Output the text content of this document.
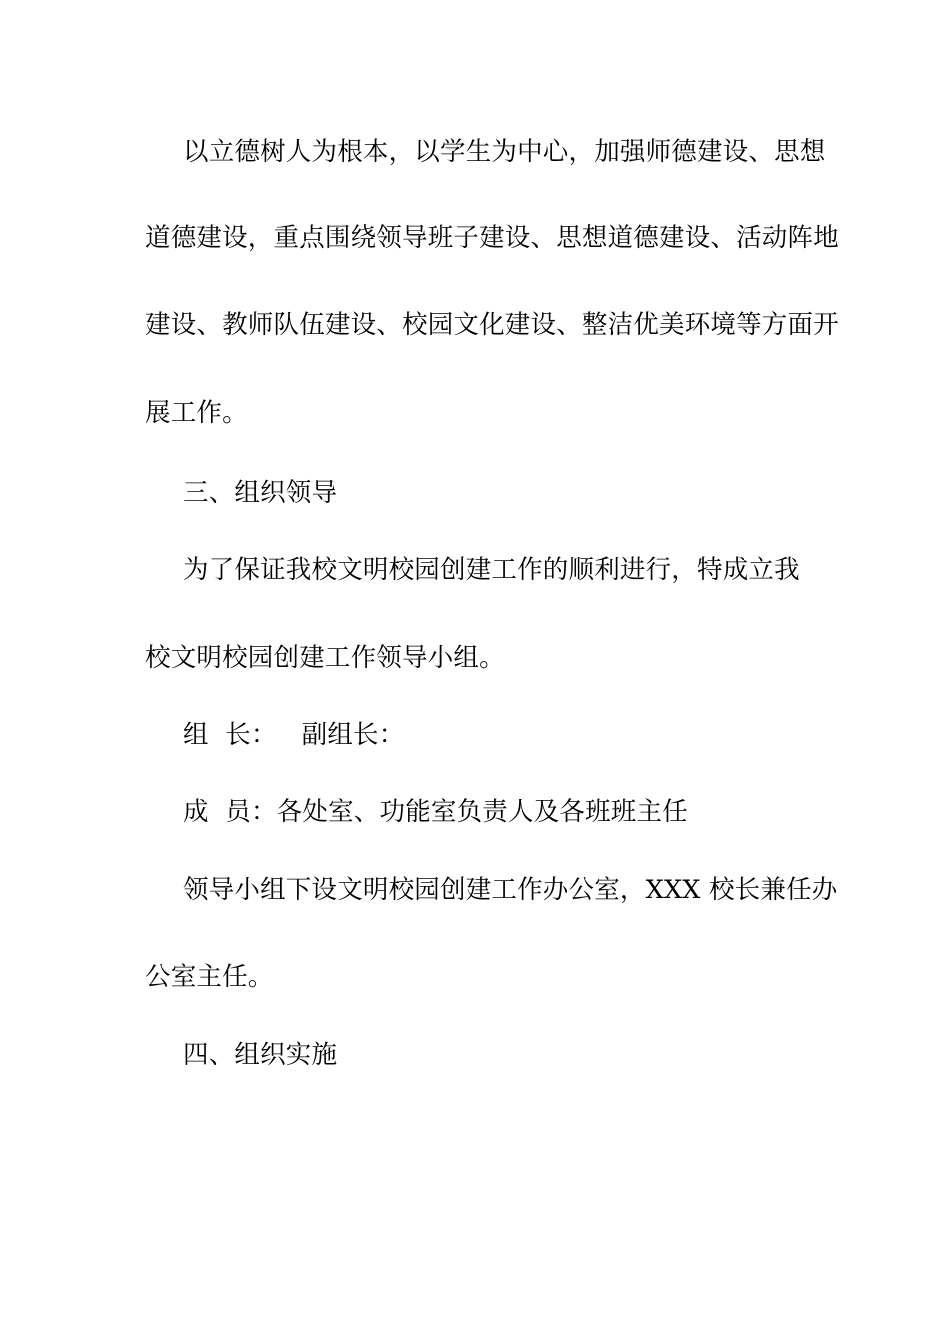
以立德树人为根本，以学生为中心，加强师德建设、思想
道德建设，重点围绕领导班子建设、思想道德建设、活动阵地
建设、教师队伍建设、校园文化建设、整洁优美环境等方面开
展工作。
三、组织领导
为了保证我校文明校园创建工作的顺利进行，特成立我
校文明校园创建工作领导小组。
组  长：   副组长：
成  员：各处室、功能室负责人及各班班主任
领导小组下设文明校园创建工作办公室，XXX 校长兼任办
公室主任。
四、组织实施
